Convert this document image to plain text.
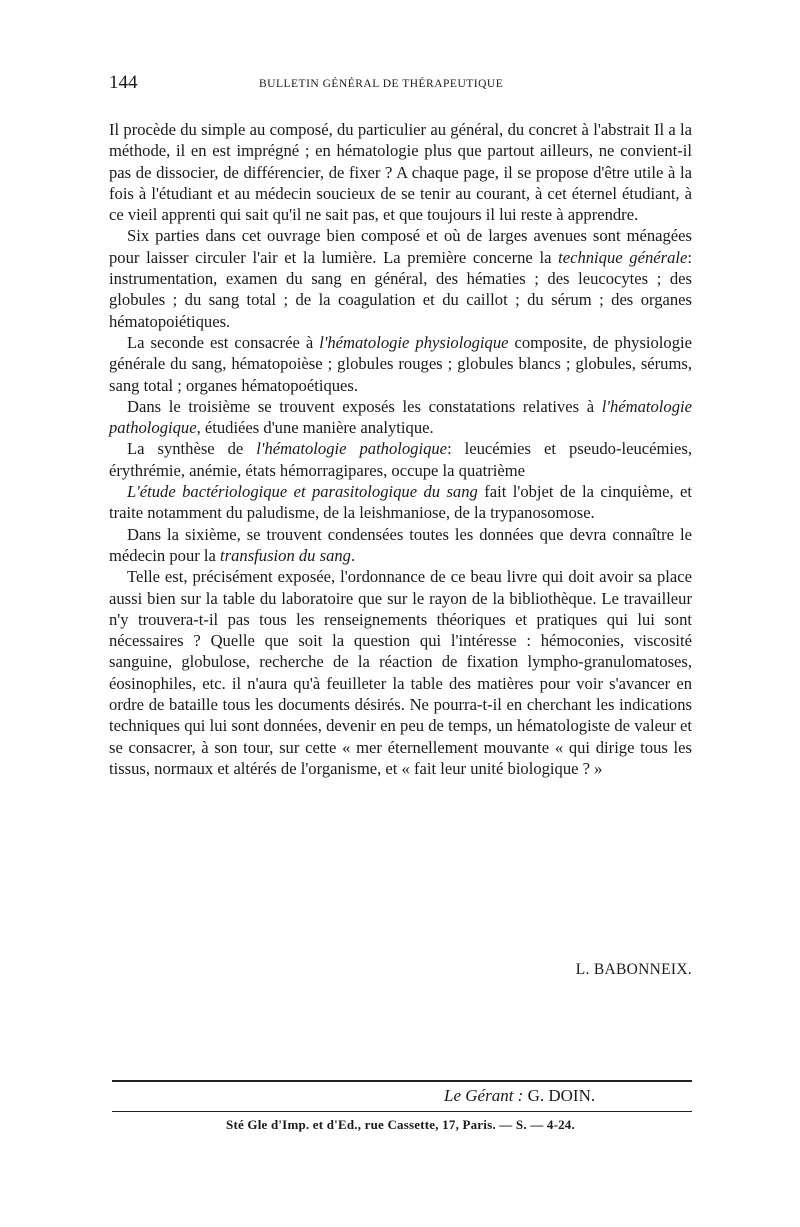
144	BULLETIN GÉNÉRAL DE THÉRAPEUTIQUE

Il procède du simple au composé, du particulier au général, du concret à l'abstrait Il a la méthode, il en est imprégné ; en hématologie plus que partout ailleurs, ne convient-il pas de dissocier, de différencier, de fixer ? A chaque page, il se propose d'être utile à la fois à l'étudiant et au médecin soucieux de se tenir au courant, à cet éternel étudiant, à ce vieil apprenti qui sait qu'il ne sait pas, et que toujours il lui reste à apprendre.

Six parties dans cet ouvrage bien composé et où de larges avenues sont ménagées pour laisser circuler l'air et la lumière. La première concerne la technique générale: instrumentation, examen du sang en général, des hématies ; des leucocytes ; des globules ; du sang total ; de la coagulation et du caillot ; du sérum ; des organes hématopoiétiques.

La seconde est consacrée à l'hématologie physiologique composite, de physiologie générale du sang, hématopoièse ; globules rouges ; globules blancs ; globules, sérums, sang total ; organes hématopoétiques.

Dans le troisième se trouvent exposés les constatations relatives à l'hématologie pathologique, étudiées d'une manière analytique.

La synthèse de l'hématologie pathologique: leucémies et pseudo-leucémies, érythrémie, anémie, états hémorragipares, occupe la quatrième

L'étude bactériologique et parasitologique du sang fait l'objet de la cinquième, et traite notamment du paludisme, de la leishmaniose, de la trypanosomose.

Dans la sixième, se trouvent condensées toutes les données que devra connaître le médecin pour la transfusion du sang.

Telle est, précisément exposée, l'ordonnance de ce beau livre qui doit avoir sa place aussi bien sur la table du laboratoire que sur le rayon de la bibliothèque. Le travailleur n'y trouvera-t-il pas tous les renseignements théoriques et pratiques qui lui sont nécessaires ? Quelle que soit la question qui l'intéresse : hémoconies, viscosité sanguine, globulose, recherche de la réaction de fixation lympho-granulomatoses, éosinophiles, etc. il n'aura qu'à feuilleter la table des matières pour voir s'avancer en ordre de bataille tous les documents désirés. Ne pourra-t-il en cherchant les indications techniques qui lui sont données, devenir en peu de temps, un hématologiste de valeur et se consacrer, à son tour, sur cette « mer éternellement mouvante « qui dirige tous les tissus, normaux et altérés de l'organisme, et « fait leur unité biologique ? »

L. BABONNEIX.
Le Gérant : G. DOIN.
Sté Gle d'Imp. et d'Ed., rue Cassette, 17, Paris. — S. — 4-24.
